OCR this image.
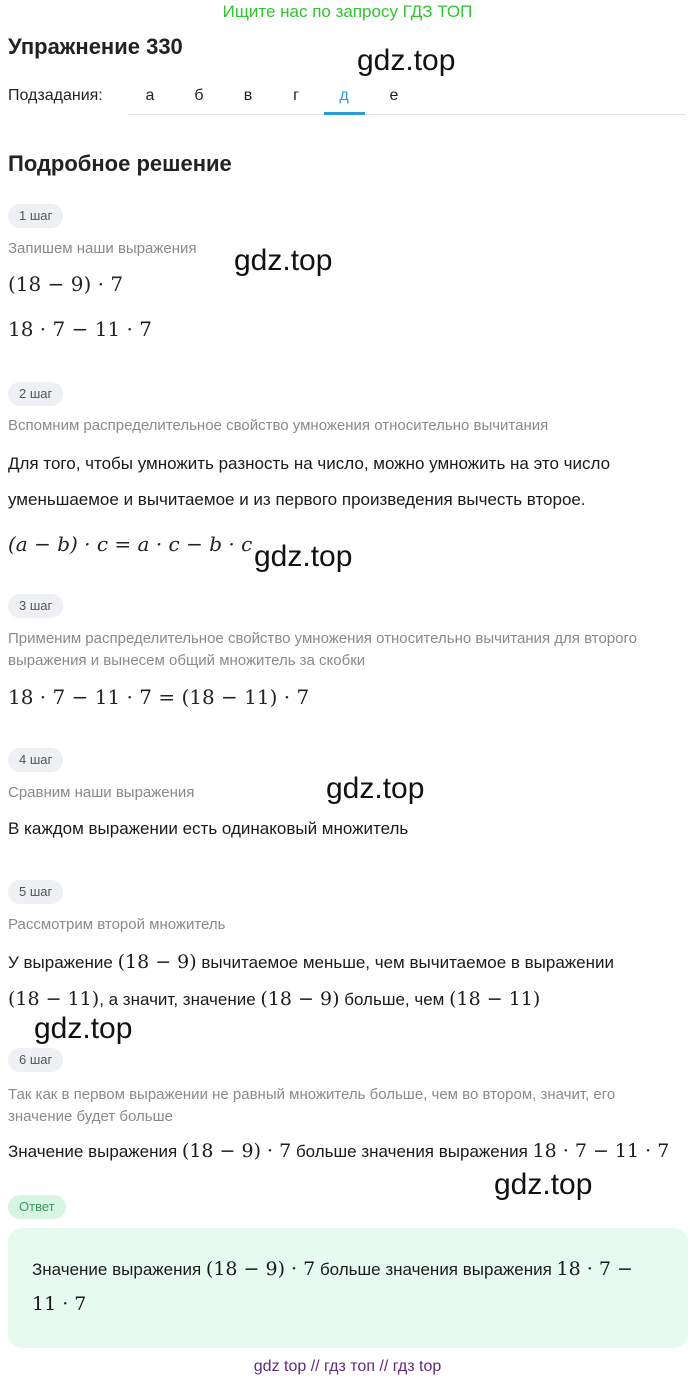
Ищите нас по запросу ГДЗ ТОП
Упражнение 330	gdz.top
Подзадания:	а	б	в	г	д	е
Подробное решение
1 шаг
Запишем наши выражения	gdz.top
(18 − 9) · 7
18 · 7 − 11 · 7
2 шаг
Вспомним распределительное свойство умножения относительно вычитания
Для того, чтобы умножить разность на число, можно умножить на это число уменьшаемое и вычитаемое и из первого произведения вычесть второе.
(a − b) · c = a · c − b · c gdz.top
3 шаг
Применим распределительное свойство умножения относительно вычитания для второго выражения и вынесем общий множитель за скобки
18 · 7 − 11 · 7 = (18 − 11) · 7
4 шаг
Сравним наши выражения	gdz.top
В каждом выражении есть одинаковый множитель
5 шаг
Рассмотрим второй множитель
У выражение (18 − 9) вычитаемое меньше, чем вычитаемое в выражении
(18 − 11), а значит, значение (18 − 9) больше, чем (18 − 11)
gdz.top
6 шаг
Так как в первом выражении не равный множитель больше, чем во втором, значит, его значение будет больше
Значение выражения (18 − 9) · 7 больше значения выражения 18 · 7 − 11 · 7
gdz.top
Ответ
Значение выражения (18 − 9) · 7 больше значения выражения 18 · 7 −
11 · 7
gdz top // гдз топ // гдз top
